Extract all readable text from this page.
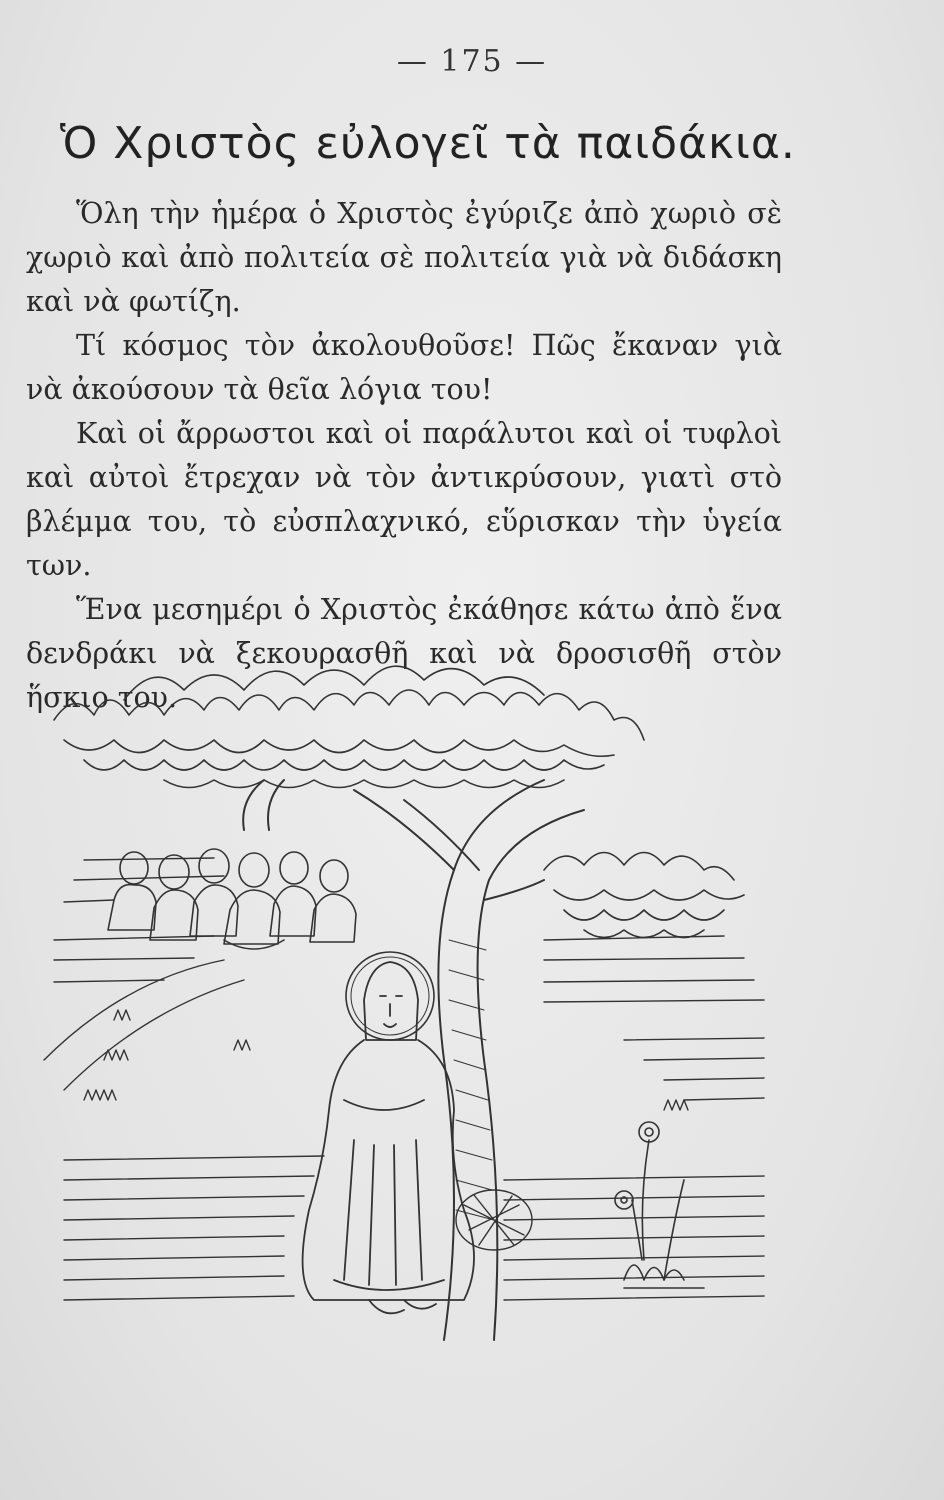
— 175 —
Ὁ Χριστὸς εὐλογεῖ τὰ παιδάκια.

Ὅλη τὴν ἡμέρα ὁ Χριστὸς ἐγύριζε ἀπὸ χωριὸ σὲ χωριὸ καὶ ἀπὸ πολιτεία σὲ πολιτεία γιὰ νὰ διδάσκη καὶ νὰ φωτίζη.

Τί κόσμος τὸν ἀκολουθοῦσε! Πῶς ἔκαναν γιὰ νὰ ἀκούσουν τὰ θεῖα λόγια του!

Καὶ οἱ ἄρρωστοι καὶ οἱ παράλυτοι καὶ οἱ τυφλοὶ καὶ αὐτοὶ ἔτρεχαν νὰ τὸν ἀντικρύσουν, γιατὶ στὸ βλέμμα του, τὸ εὐσπλαχνικό, εὕρισκαν τὴν ὑγεία των.

Ἕνα μεσημέρι ὁ Χριστὸς ἐκάθησε κάτω ἀπὸ ἕνα δενδράκι νὰ ξεκουρασθῆ καὶ νὰ δροσισθῆ στὸν ἥσκιο του.
